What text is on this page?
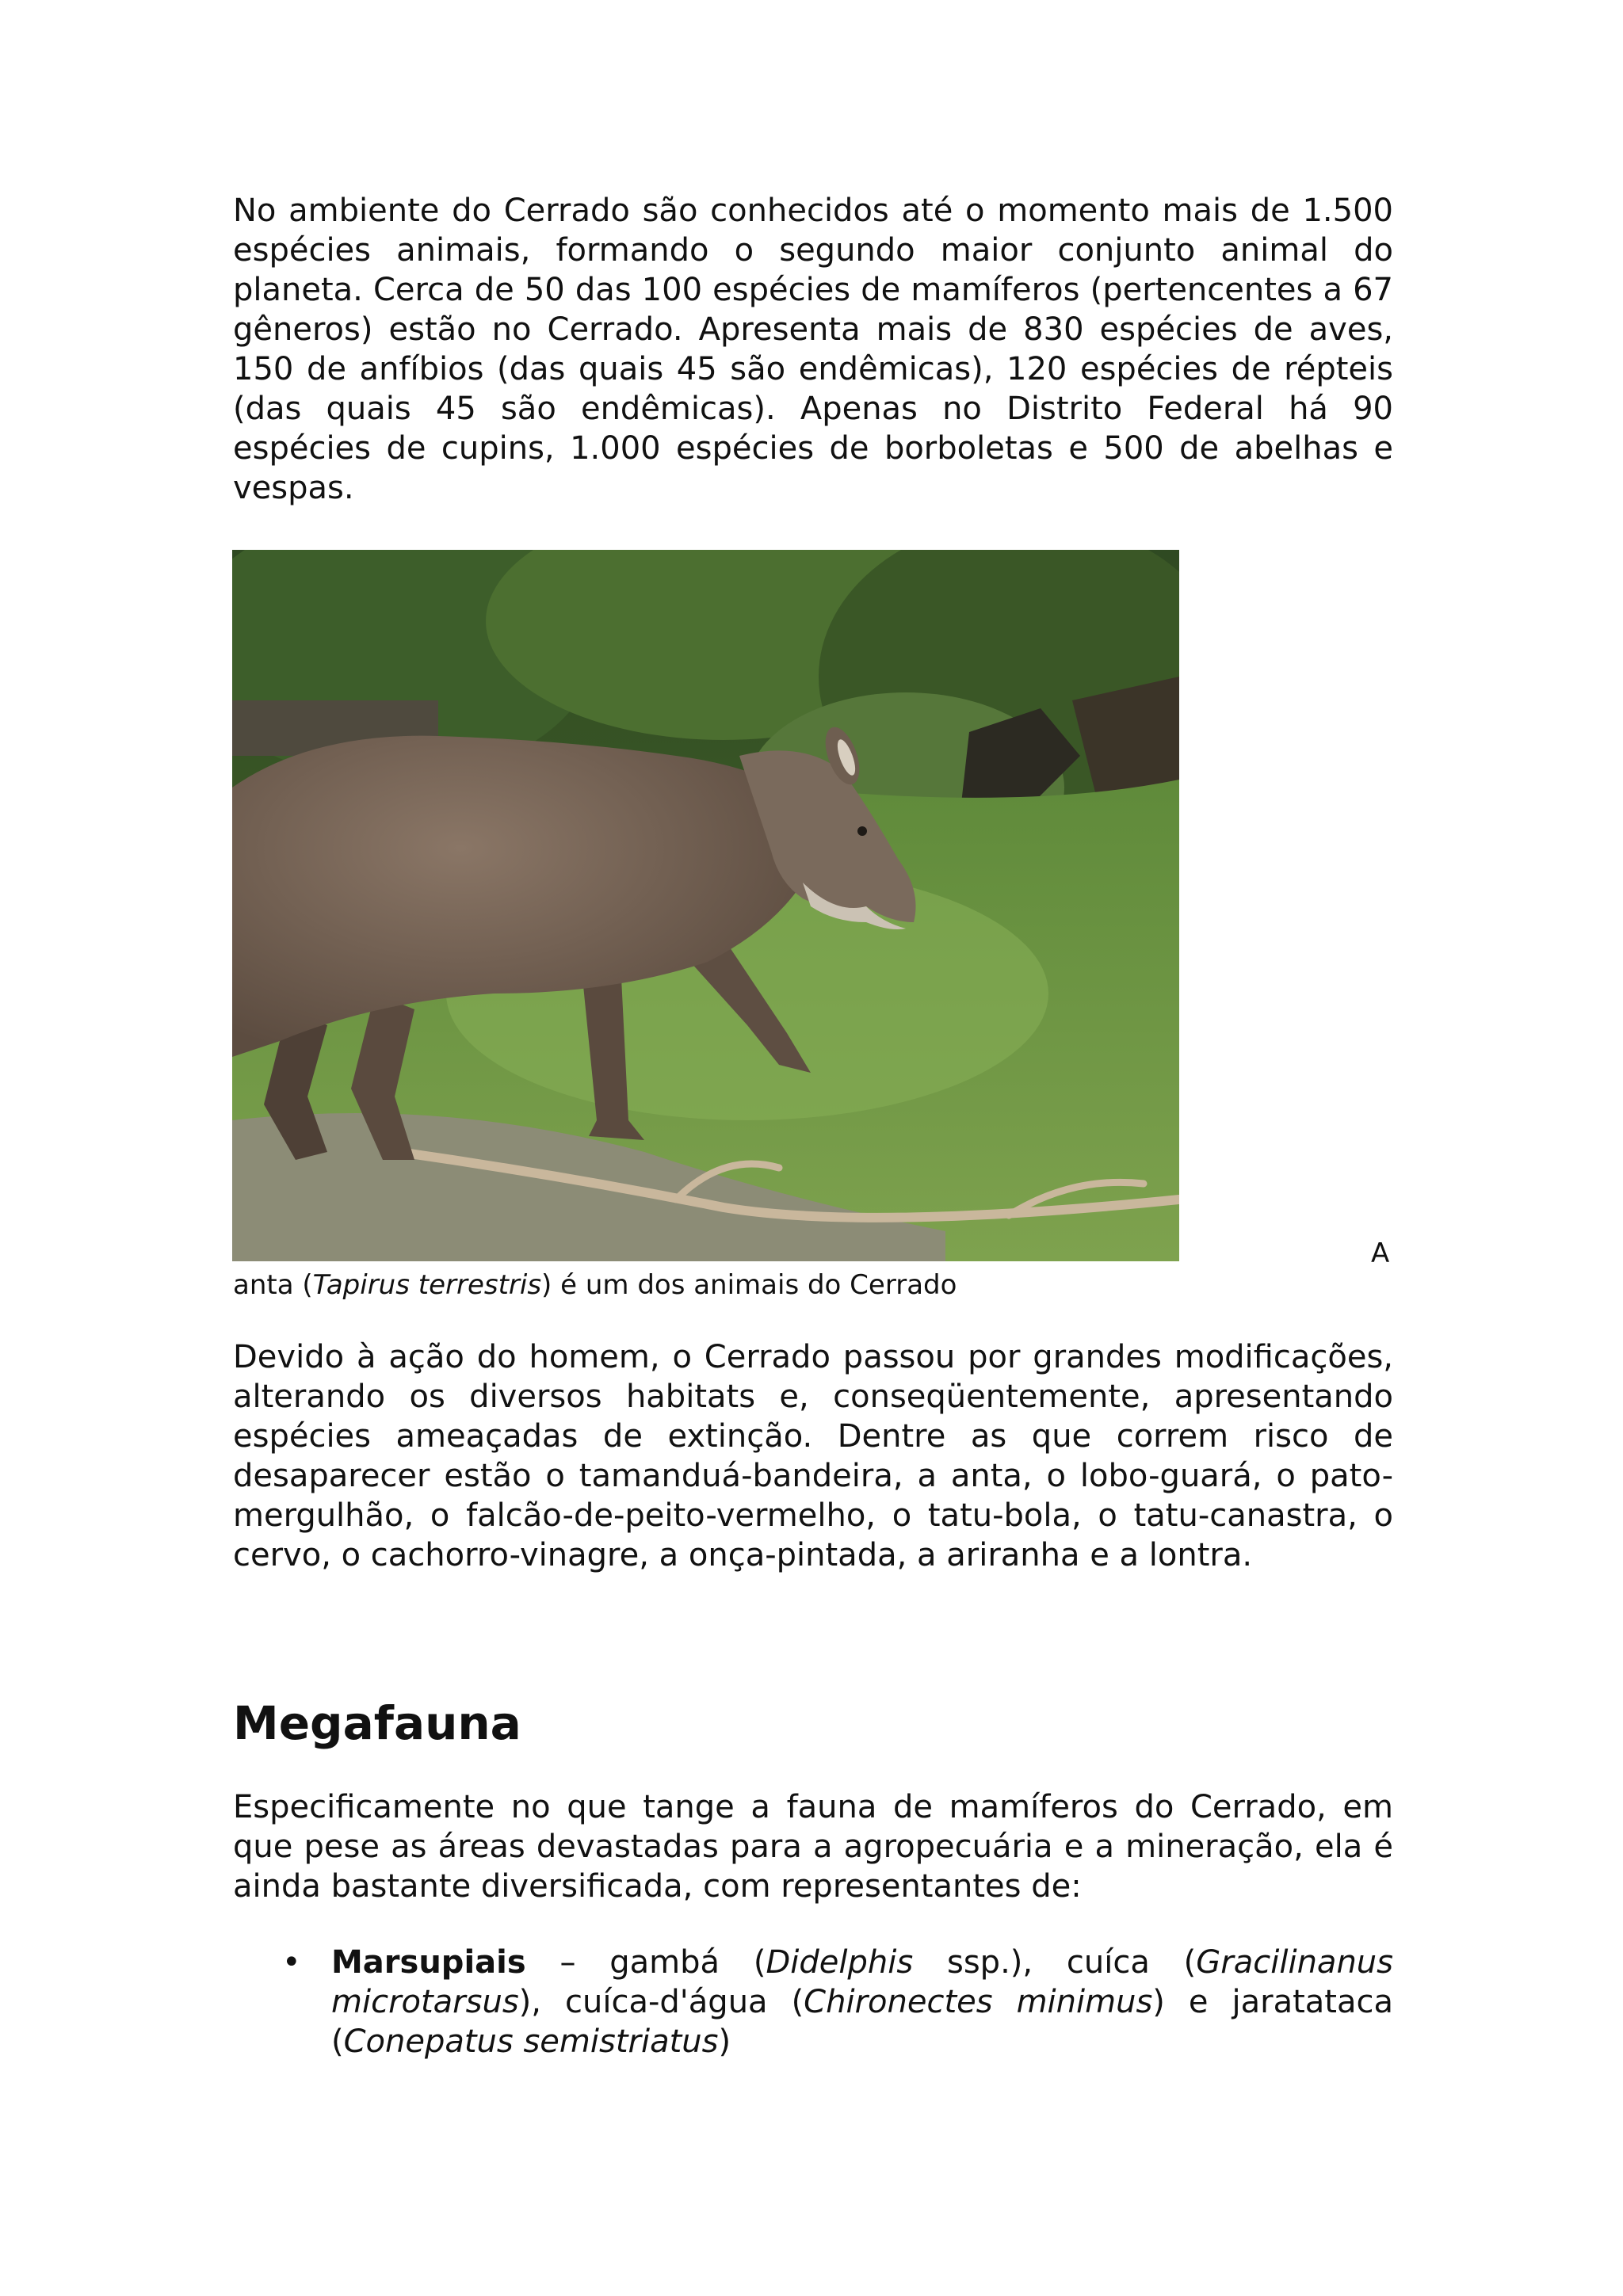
No ambiente do Cerrado são conhecidos até o momento mais de 1.500 espécies animais, formando o segundo maior conjunto animal do planeta. Cerca de 50 das 100 espécies de mamíferos (pertencentes a 67 gêneros) estão no Cerrado. Apresenta mais de 830 espécies de aves, 150 de anfíbios (das quais 45 são endêmicas), 120 espécies de répteis (das quais 45 são endêmicas). Apenas no Distrito Federal há 90 espécies de cupins, 1.000 espécies de borboletas e 500 de abelhas e vespas.

A
anta (Tapirus terrestris) é um dos animais do Cerrado

Devido à ação do homem, o Cerrado passou por grandes modificações, alterando os diversos habitats e, conseqüentemente, apresentando espécies ameaçadas de extinção. Dentre as que correm risco de desaparecer estão o tamanduá-bandeira, a anta, o lobo-guará, o pato-mergulhão, o falcão-de-peito-vermelho, o tatu-bola, o tatu-canastra, o cervo, o cachorro-vinagre, a onça-pintada, a ariranha e a lontra.

Megafauna

Especificamente no que tange a fauna de mamíferos do Cerrado, em que pese as áreas devastadas para a agropecuária e a mineração, ela é ainda bastante diversificada, com representantes de:

• Marsupiais – gambá (Didelphis ssp.), cuíca (Gracilinanus microtarsus), cuíca-d'água (Chironectes minimus) e jaratataca (Conepatus semistriatus)
